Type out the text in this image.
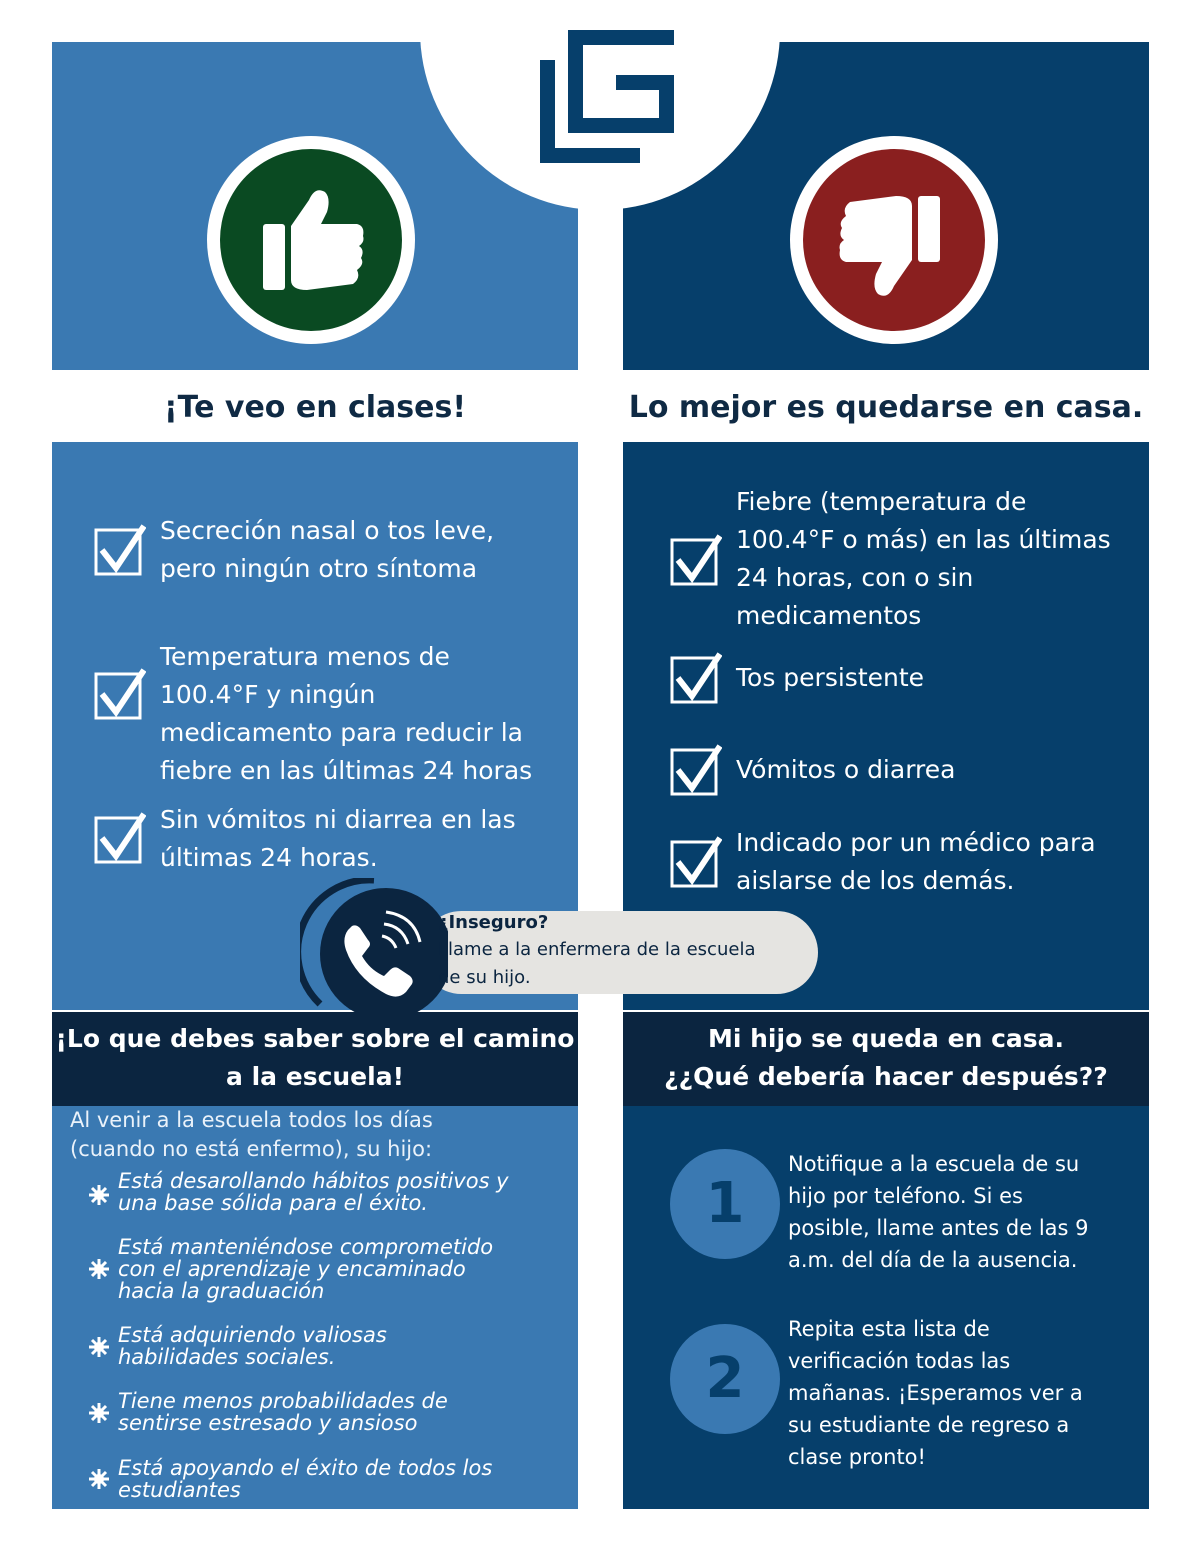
¡Te veo en clases!	Lo mejor es quedarse en casa.
Secreción nasal o tos leve,
pero ningún otro síntoma
Temperatura menos de
100.4°F y ningún
medicamento para reducir la
fiebre en las últimas 24 horas
Sin vómitos ni diarrea en las
últimas 24 horas.
Fiebre (temperatura de
100.4°F o más) en las últimas
24 horas, con o sin
medicamentos
Tos persistente
Vómitos o diarrea
Indicado por un médico para
aislarse de los demás.
¿Inseguro?
Llame a la enfermera de la escuela
de su hijo.
¡Lo que debes saber sobre el camino
a la escuela!
Mi hijo se queda en casa.
¿¿Qué debería hacer después??
Al venir a la escuela todos los días
(cuando no está enfermo), su hijo:
Está desarollando hábitos positivos y
una base sólida para el éxito.
Está manteniéndose comprometido
con el aprendizaje y encaminado
hacia la graduación
Está adquiriendo valiosas
habilidades sociales.
Tiene menos probabilidades de
sentirse estresado y ansioso
Está apoyando el éxito de todos los
estudiantes
1
Notifique a la escuela de su
hijo por teléfono. Si es
posible, llame antes de las 9
a.m. del día de la ausencia.
2
Repita esta lista de
verificación todas las
mañanas. ¡Esperamos ver a
su estudiante de regreso a
clase pronto!
